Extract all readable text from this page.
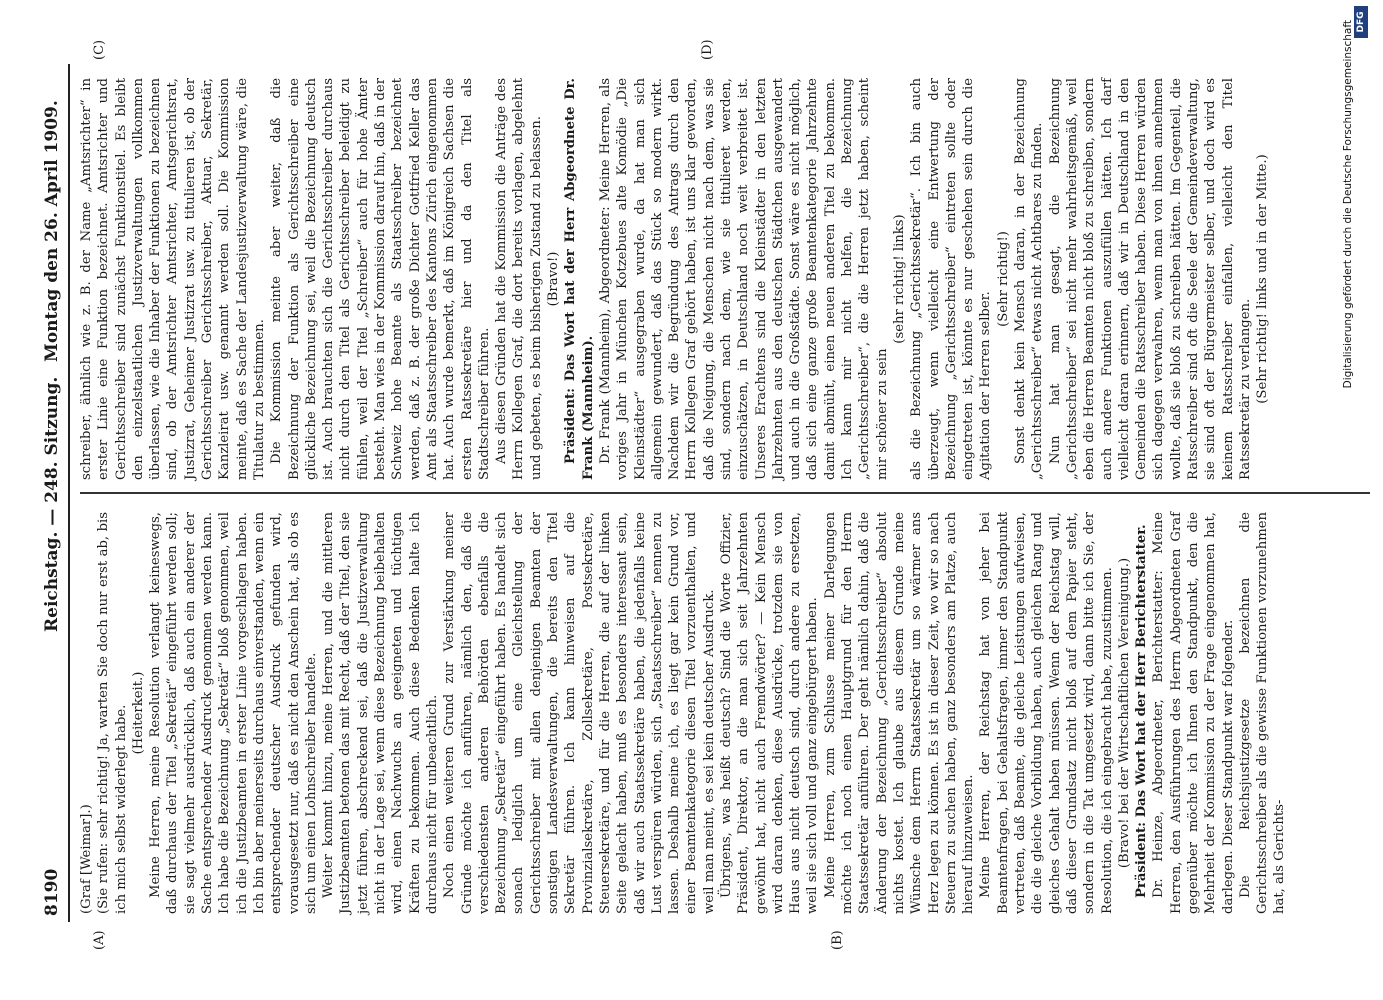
8190
Reichstag. — 248. Sitzung.
Montag den 26. April 1909.
(A)	(B)
(C)	(D)

(Graf [Weimar].) (Sie rufen: sehr richtig! Ja, warten Sie doch nur erst ab, bis ich mich selbst widerlegt habe. (Heiterkeit.) Meine Herren, meine Resolution verlangt keineswegs, daß durchaus der Titel „Sekretär“ eingeführt werden soll; sie sagt vielmehr ausdrücklich, daß auch ein anderer der Sache entsprechender Ausdruck genommen werden kann. Ich habe die Bezeichnung „Sekretär“ bloß genommen, weil ich die Justizbeamten in erster Linie vorgeschlagen haben. Ich bin aber meinerseits durchaus einverstanden, wenn ein entsprechender deutscher Ausdruck gefunden wird, vorausgesetzt nur, daß es nicht den Anschein hat, als ob es sich um einen Lohnschreiber handelte. Weiter kommt hinzu, meine Herren, und die mittleren Justizbeamten betonen das mit Recht, daß der Titel, den sie jetzt führen, abschreckend sei, daß die Justizverwaltung nicht in der Lage sei, wenn diese Bezeichnung beibehalten wird, einen Nachwuchs an geeigneten und tüchtigen Kräften zu bekommen. Auch diese Bedenken halte ich durchaus nicht für unbeachtlich. Noch einen weiteren Grund zur Verstärkung meiner Gründe möchte ich anführen, nämlich den, daß die verschiedensten anderen Behörden ebenfalls die Bezeichnung „Sekretär“ eingeführt haben. Es handelt sich sonach lediglich um eine Gleichstellung der Gerichtsschreiber mit allen denjenigen Beamten der sonstigen Landesverwaltungen, die bereits den Titel Sekretär führen. Ich kann hinweisen auf die Provinzialsekretäre, Zollsekretäre, Postsekretäre, Steuersekretäre, und für die Herren, die auf der linken Seite gelacht haben, muß es besonders interessant sein, daß wir auch Staatssekretäre haben, die jedenfalls keine Lust verspüren würden, sich „Staatsschreiber“ nennen zu lassen. Deshalb meine ich, es liegt gar kein Grund vor, einer Beamtenkategorie diesen Titel vorzuenthalten, und weil man meint, es sei kein deutscher Ausdruck. Übrigens, was heißt deutsch? Sind die Worte Offizier, Präsident, Direktor, an die man sich seit Jahrzehnten gewöhnt hat, nicht auch Fremdwörter? — Kein Mensch wird daran denken, diese Ausdrücke, trotzdem sie von Haus aus nicht deutsch sind, durch andere zu ersetzen, weil sie sich voll und ganz eingebürgert haben. Meine Herren, zum Schlusse meiner Darlegungen möchte ich noch einen Hauptgrund für den Herrn Staatssekretär anführen. Der geht nämlich dahin, daß die Änderung der Bezeichnung „Gerichtsschreiber“ absolut nichts kostet. Ich glaube aus diesem Grunde meine Wünsche dem Herrn Staatssekretär um so wärmer ans Herz legen zu können. Es ist in dieser Zeit, wo wir so nach Steuern zu suchen haben, ganz besonders am Platze, auch hierauf hinzuweisen. Meine Herren, der Reichstag hat von jeher bei Beamtenfragen, bei Gehaltsfragen, immer den Standpunkt vertreten, daß Beamte, die gleiche Leistungen aufweisen, die die gleiche Vorbildung haben, auch gleichen Rang und gleiches Gehalt haben müssen. Wenn der Reichstag will, daß dieser Grundsatz nicht bloß auf dem Papier steht, sondern in die Tat umgesetzt wird, dann bitte ich Sie, der Resolution, die ich eingebracht habe, zuzustimmen. (Bravo! bei der Wirtschaftlichen Vereinigung.) Präsident: Das Wort hat der Herr Berichterstatter. Dr. Heinze, Abgeordneter, Berichterstatter: Meine Herren, den Ausführungen des Herrn Abgeordneten Graf gegenüber möchte ich Ihnen den Standpunkt, den die Mehrheit der Kommission zu der Frage eingenommen hat, darlegen. Dieser Standpunkt war folgender. Die Reichsjustizgesetze bezeichnen die Gerichtsschreiber als die gewisse Funktionen vorzunehmen hat, als Gerichts-

schreiber, ähnlich wie z. B. der Name „Amtsrichter“ in erster Linie eine Funktion bezeichnet. Amtsrichter und Gerichtsschreiber sind zunächst Funktionstitel. Es bleibt den einzelstaatlichen Justizverwaltungen vollkommen überlassen, wie die Inhaber der Funktionen zu bezeichnen sind, ob der Amtsrichter Amtsrichter, Amtsgerichtsrat, Justizrat, Geheimer Justizrat usw. zu titulieren ist, ob der Gerichtsschreiber Gerichtsschreiber, Aktuar, Sekretär, Kanzleirat usw. genannt werden soll. Die Kommission meinte, daß es Sache der Landesjustizverwaltung wäre, die Titulatur zu bestimmen. Die Kommission meinte aber weiter, daß die Bezeichnung der Funktion als Gerichtsschreiber eine glückliche Bezeichnung sei, weil die Bezeichnung deutsch ist. Auch brauchten sich die Gerichtsschreiber durchaus nicht durch den Titel als Gerichtsschreiber beleidigt zu fühlen, weil der Titel „Schreiber“ auch für hohe Ämter besteht. Man wies in der Kommission darauf hin, daß in der Schweiz hohe Beamte als Staatsschreiber bezeichnet werden, daß z. B. der große Dichter Gottfried Keller das Amt als Staatsschreiber des Kantons Zürich eingenommen hat. Auch wurde bemerkt, daß im Königreich Sachsen die ersten Ratssekretäre hier und da den Titel als Stadtschreiber führen. Aus diesen Gründen hat die Kommission die Anträge des Herrn Kollegen Graf, die dort bereits vorlagen, abgelehnt und gebeten, es beim bisherigen Zustand zu belassen. (Bravo!) Präsident: Das Wort hat der Herr Abgeordnete Dr. Frank (Mannheim). Dr. Frank (Mannheim), Abgeordneter: Meine Herren, als voriges Jahr in München Kotzebues alte Komödie „Die Kleinstädter“ ausgegraben wurde, da hat man sich allgemein gewundert, daß das Stück so modern wirkt. Nachdem wir die Begründung des Antrags durch den Herrn Kollegen Graf gehört haben, ist uns klar geworden, daß die Neigung, die Menschen nicht nach dem, was sie sind, sondern nach dem, wie sie titulieret werden, einzuschätzen, in Deutschland noch weit verbreitet ist. Unseres Erachtens sind die Kleinstädter in den letzten Jahrzehnten aus den deutschen Städtchen ausgewandert und auch in die Großstädte. Sonst wäre es nicht möglich, daß sich eine ganze große Beamtenkategorie Jahrzehnte damit abmüht, einen neuen anderen Titel zu bekommen. Ich kann mir nicht helfen, die Bezeichnung „Gerichtsschreiber“, die die Herren jetzt haben, scheint mir schöner zu sein

(sehr richtig! links) als die Bezeichnung „Gerichtssekretär“. Ich bin auch überzeugt, wenn vielleicht eine Entwertung der Bezeichnung „Gerichtsschreiber“ eintreten sollte oder eingetreten ist, könnte es nur geschehen sein durch die Agitation der Herren selber.

(Sehr richtig!) Sonst denkt kein Mensch daran, in der Bezeichnung „Gerichtsschreiber“ etwas nicht Achtbares zu finden. Nun hat man gesagt, die Bezeichnung „Gerichtsschreiber“ sei nicht mehr wahrheitsgemäß, weil eben die Herren Beamten nicht bloß zu schreiben, sondern auch andere Funktionen auszufüllen hätten. Ich darf vielleicht daran erinnern, daß wir in Deutschland in den Gemeinden die Ratsschreiber haben. Diese Herren würden sich dagegen verwahren, wenn man von ihnen annehmen wollte, daß sie bloß zu schreiben hätten. Im Gegenteil, die Ratsschreiber sind oft die Seele der Gemeindeverwaltung, sie sind oft der Bürgermeister selber, und doch wird es keinem Ratsschreiber einfallen, vielleicht den Titel Ratssekretär zu verlangen. (Sehr richtig! links und in der Mitte.)	Digitalisierung gefördert durch die Deutsche Forschungsgemeinschaft DFG
